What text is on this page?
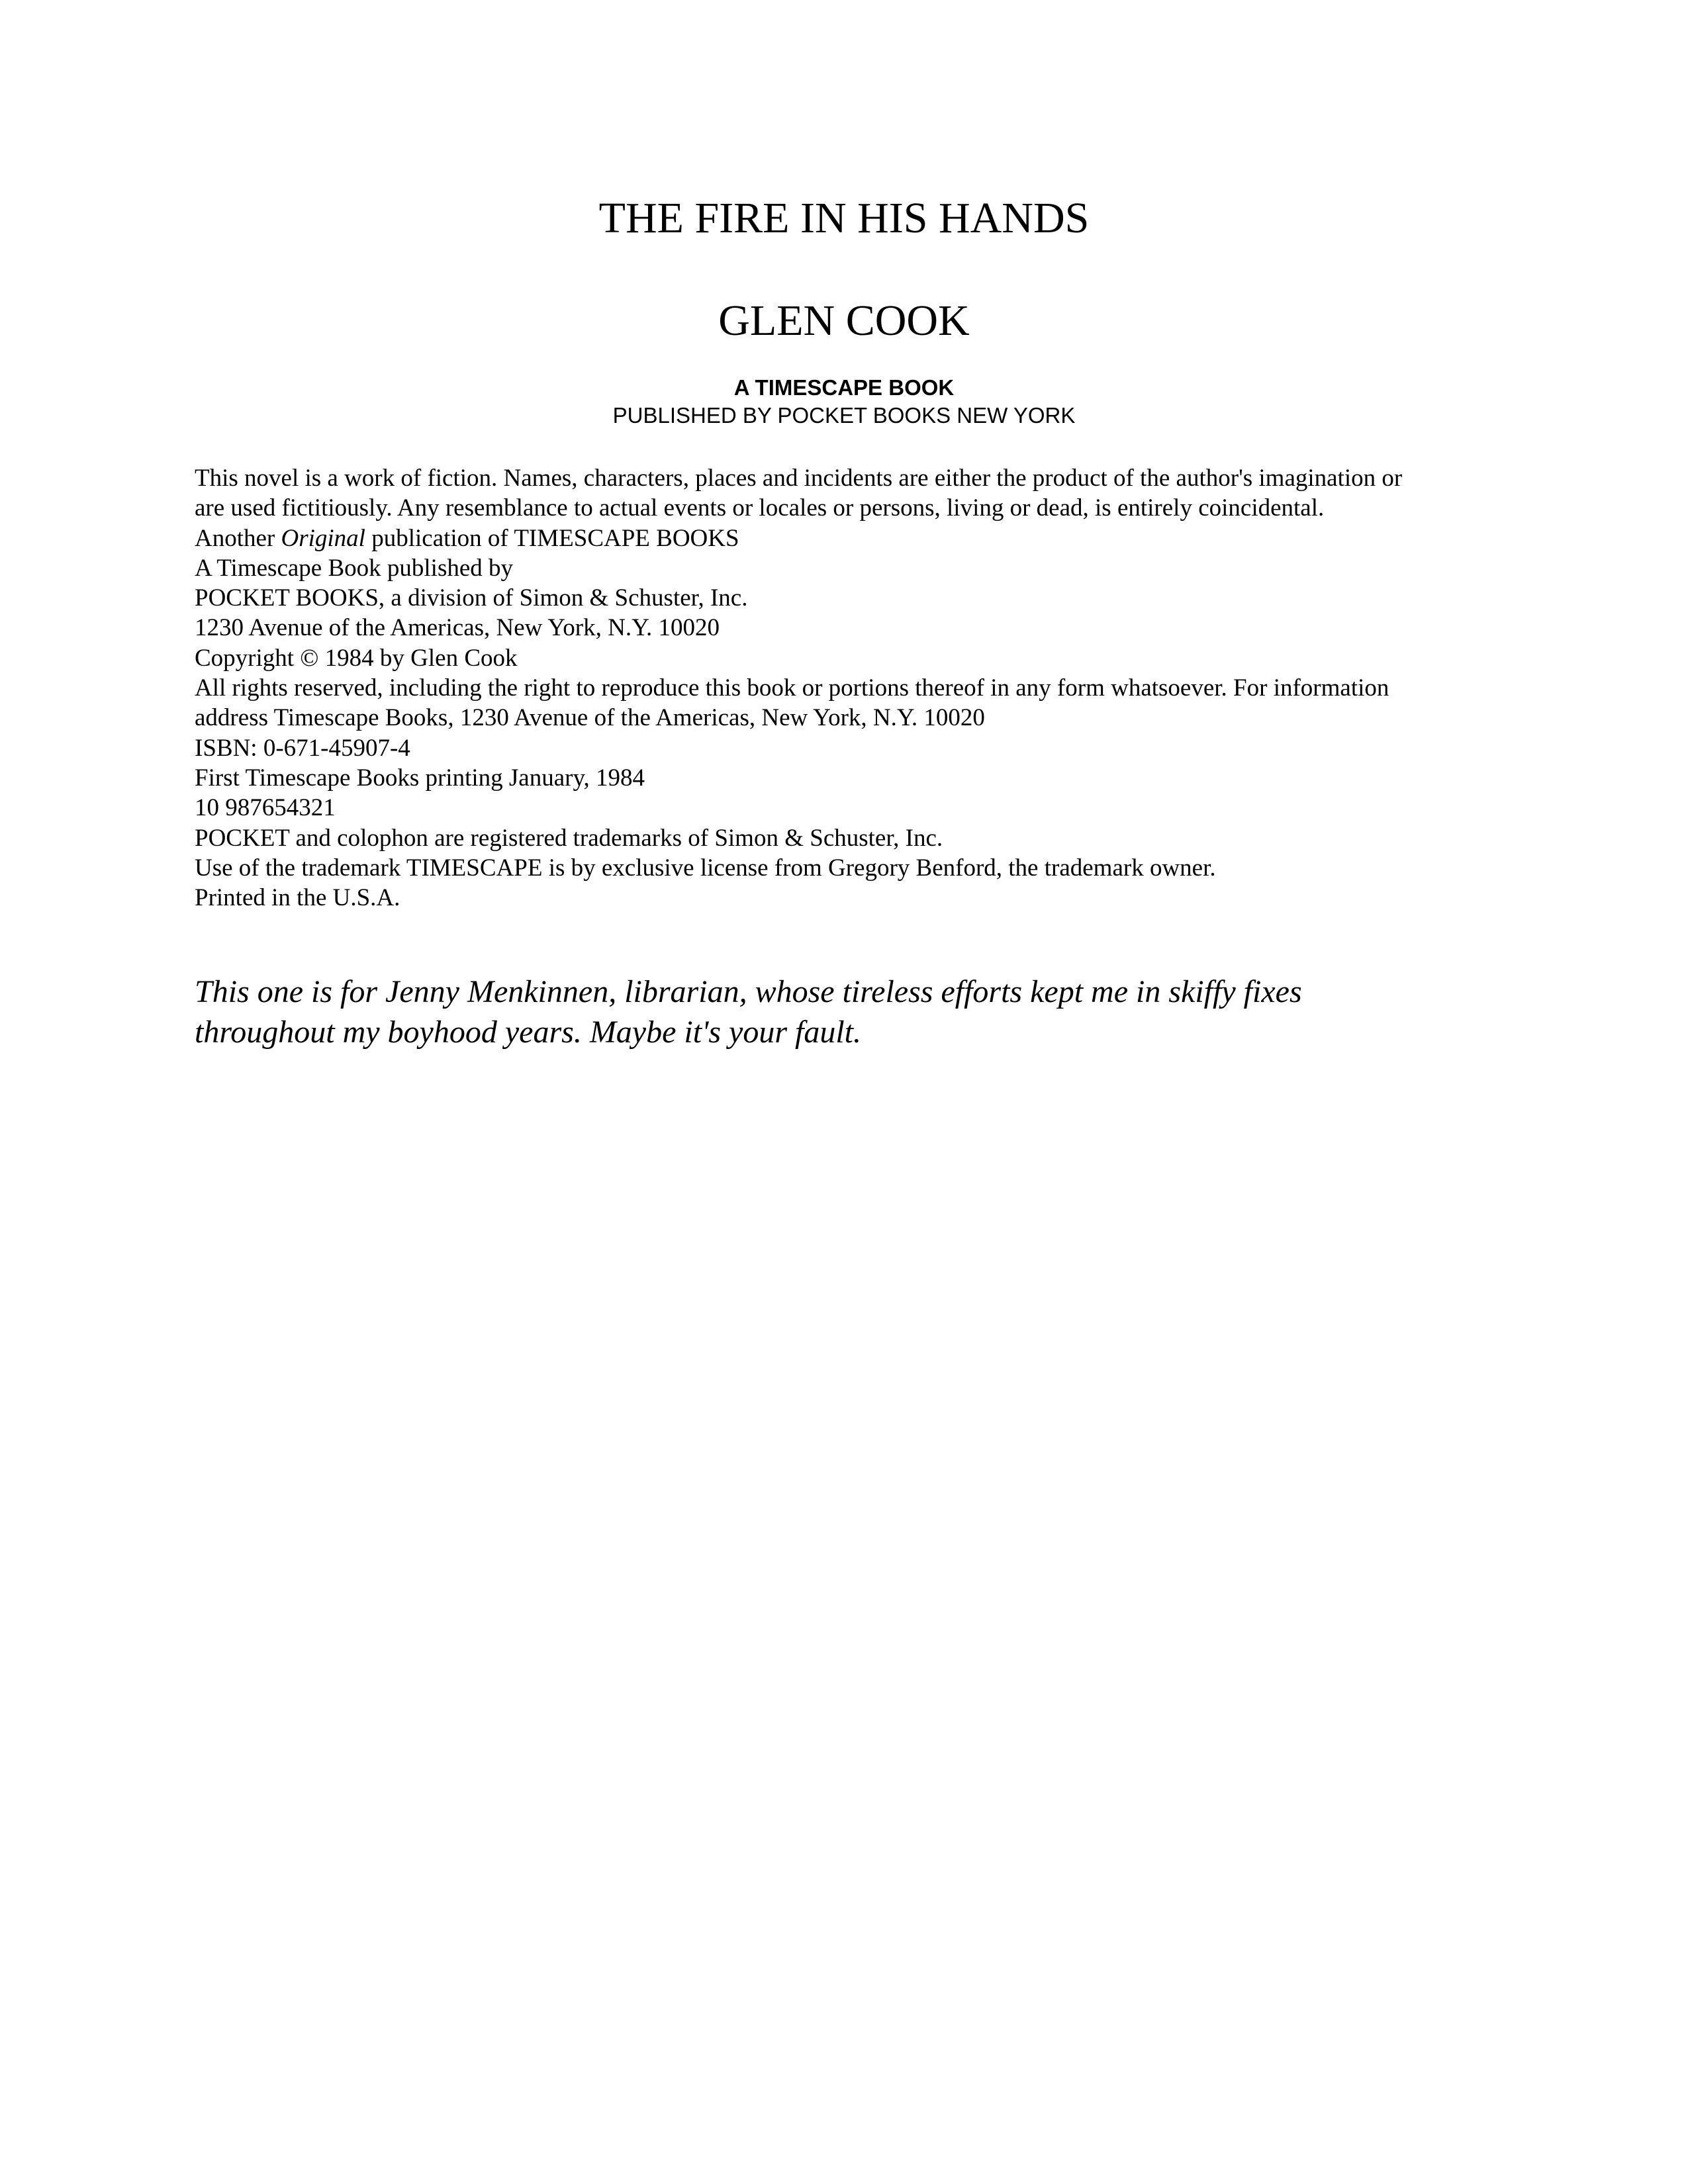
THE FIRE IN HIS HANDS
GLEN COOK
A TIMESCAPE BOOK
PUBLISHED BY POCKET BOOKS NEW YORK
This novel is a work of fiction. Names, characters, places and incidents are either the product of the author's imagination or
are used fictitiously. Any resemblance to actual events or locales or persons, living or dead, is entirely coincidental.
Another Original publication of TIMESCAPE BOOKS
A Timescape Book published by
POCKET BOOKS, a division of Simon & Schuster, Inc.
1230 Avenue of the Americas, New York, N.Y. 10020
Copyright © 1984 by Glen Cook
All rights reserved, including the right to reproduce this book or portions thereof in any form whatsoever. For information
address Timescape Books, 1230 Avenue of the Americas, New York, N.Y. 10020
ISBN: 0-671-45907-4
First Timescape Books printing January, 1984
10 987654321
POCKET and colophon are registered trademarks of Simon & Schuster, Inc.
Use of the trademark TIMESCAPE is by exclusive license from Gregory Benford, the trademark owner.
Printed in the U.S.A.
This one is for Jenny Menkinnen, librarian, whose tireless efforts kept me in skiffy fixes
throughout my boyhood years. Maybe it's your fault.
